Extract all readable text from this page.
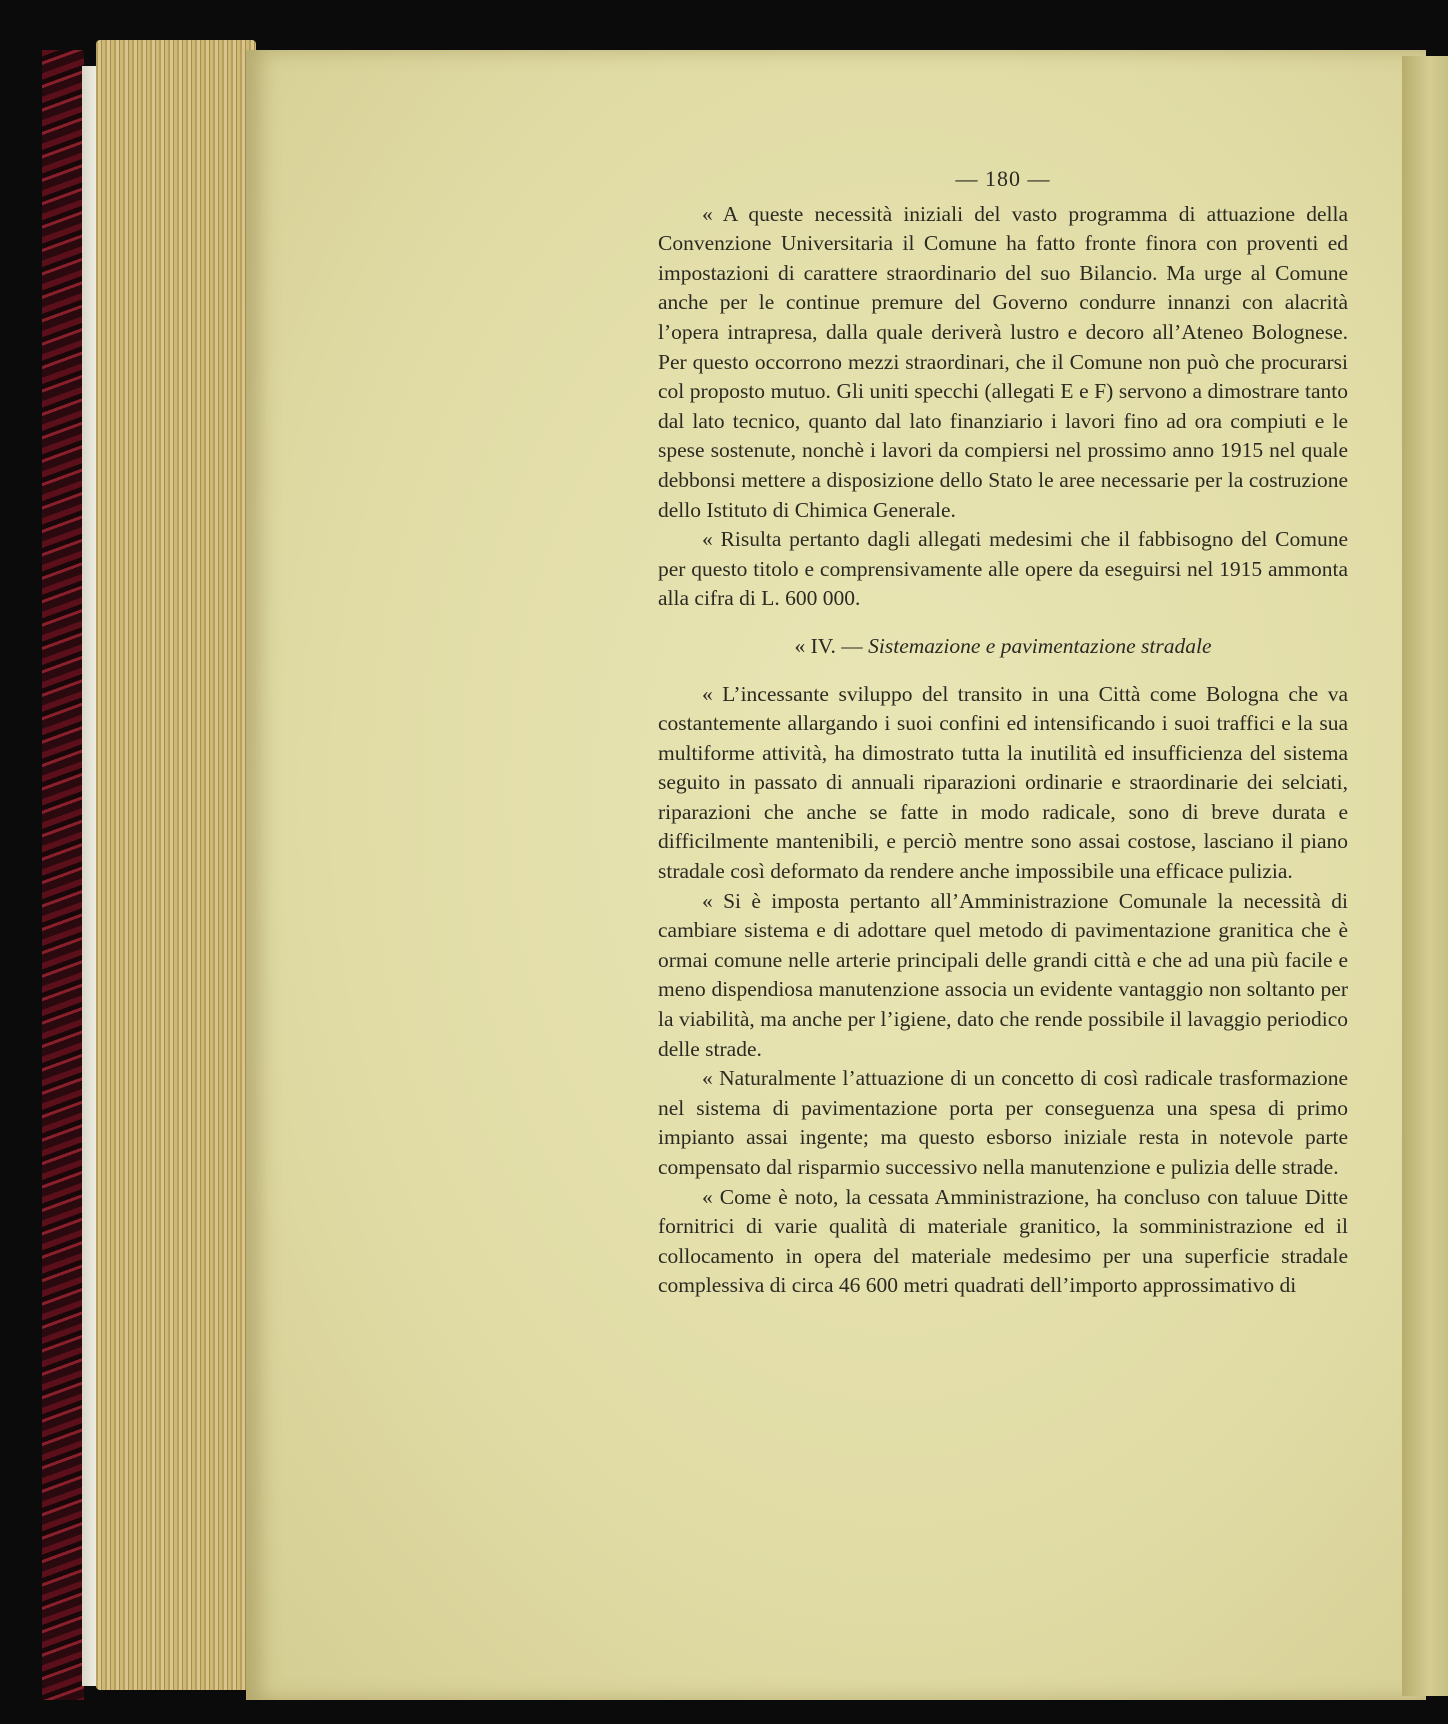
— 180 —

« A queste necessità iniziali del vasto programma di attuazione della Convenzione Universitaria il Comune ha fatto fronte finora con proventi ed impostazioni di carattere straordinario del suo Bilancio. Ma urge al Comune anche per le continue premure del Governo condurre innanzi con alacrità l’opera intrapresa, dalla quale deriverà lustro e decoro all’Ateneo Bolognese. Per questo occorrono mezzi straordinari, che il Comune non può che procurarsi col proposto mutuo. Gli uniti specchi (allegati E e F) servono a dimostrare tanto dal lato tecnico, quanto dal lato finanziario i lavori fino ad ora compiuti e le spese sostenute, nonchè i lavori da compiersi nel prossimo anno 1915 nel quale debbonsi mettere a disposizione dello Stato le aree necessarie per la costruzione dello Istituto di Chimica Generale.

« Risulta pertanto dagli allegati medesimi che il fabbisogno del Comune per questo titolo e comprensivamente alle opere da eseguirsi nel 1915 ammonta alla cifra di L. 600 000.

« IV. — Sistemazione e pavimentazione stradale

« L’incessante sviluppo del transito in una Città come Bologna che va costantemente allargando i suoi confini ed intensificando i suoi traffici e la sua multiforme attività, ha dimostrato tutta la inutilità ed insufficienza del sistema seguito in passato di annuali riparazioni ordinarie e straordinarie dei selciati, riparazioni che anche se fatte in modo radicale, sono di breve durata e difficilmente mantenibili, e perciò mentre sono assai costose, lasciano il piano stradale così deformato da rendere anche impossibile una efficace pulizia.

« Si è imposta pertanto all’Amministrazione Comunale la necessità di cambiare sistema e di adottare quel metodo di pavimentazione granitica che è ormai comune nelle arterie principali delle grandi città e che ad una più facile e meno dispendiosa manutenzione associa un evidente vantaggio non soltanto per la viabilità, ma anche per l’igiene, dato che rende possibile il lavaggio periodico delle strade.

« Naturalmente l’attuazione di un concetto di così radicale trasformazione nel sistema di pavimentazione porta per conseguenza una spesa di primo impianto assai ingente; ma questo esborso iniziale resta in notevole parte compensato dal risparmio successivo nella manutenzione e pulizia delle strade.

« Come è noto, la cessata Amministrazione, ha concluso con taluue Ditte fornitrici di varie qualità di materiale granitico, la somministrazione ed il collocamento in opera del materiale medesimo per una superficie stradale complessiva di circa 46 600 metri quadrati dell’importo approssimativo di
